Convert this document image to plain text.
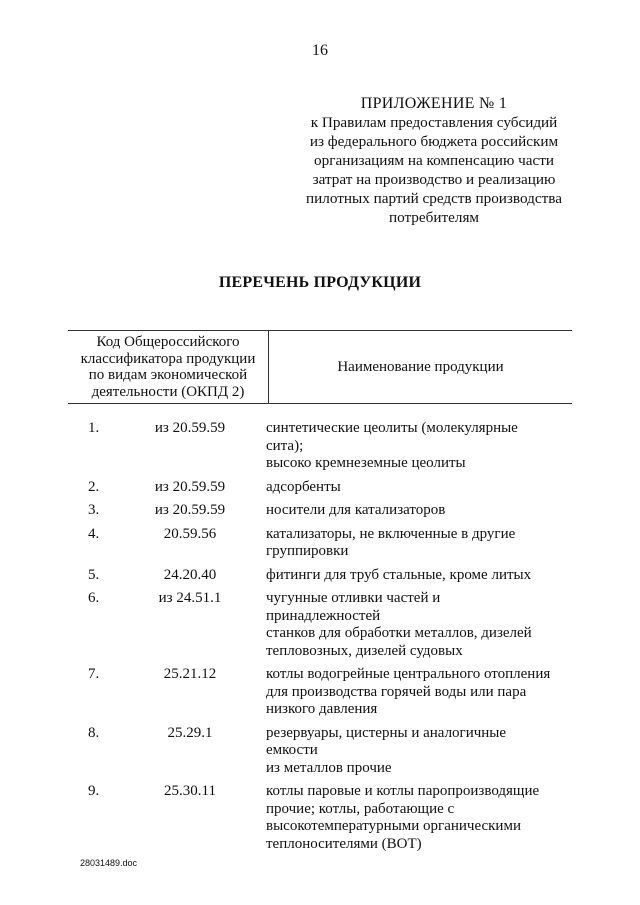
16
ПРИЛОЖЕНИЕ № 1
к Правилам предоставления субсидий
из федерального бюджета российским
организациям на компенсацию части
затрат на производство и реализацию
пилотных партий средств производства
потребителям
ПЕРЕЧЕНЬ ПРОДУКЦИИ
Код Общероссийского
классификатора продукции
по видам экономической
деятельности (ОКПД 2)
Наименование продукции
1.	из 20.59.59	синтетические цеолиты (молекулярные сита);
высоко кремнеземные цеолиты
2.	из 20.59.59	адсорбенты
3.	из 20.59.59	носители для катализаторов
4.	20.59.56	катализаторы, не включенные в другие
группировки
5.	24.20.40	фитинги для труб стальные, кроме литых
6.	из 24.51.1	чугунные отливки частей и принадлежностей
станков для обработки металлов, дизелей
тепловозных, дизелей судовых
7.	25.21.12	котлы водогрейные центрального отопления
для производства горячей воды или пара
низкого давления
8.	25.29.1	резервуары, цистерны и аналогичные емкости
из металлов прочие
9.	25.30.11	котлы паровые и котлы паропроизводящие
прочие; котлы, работающие с
высокотемпературными органическими
теплоносителями (ВОТ)
28031489.doc
